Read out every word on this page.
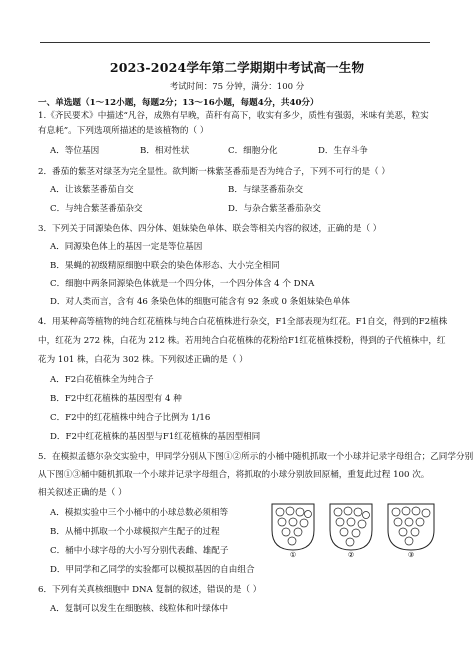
2023-2024学年第二学期期中考试高一生物
考试时间：75 分钟，满分：100 分
一、单选题（1～12小题，每题2分；13～16小题，每题4分，共40分）
1.《齐民要术》中描述“凡谷，成熟有早晚，苗秆有高下，收实有多少，质性有强弱，米味有美恶，粒实
有息耗”。下列选项所描述的是该植物的（ ）
A．等位基因	B．相对性状	C．细胞分化	D．生存斗争
2．番茄的紫茎对绿茎为完全显性。欲判断一株紫茎番茄是否为纯合子，下列不可行的是（ ）
A．让该紫茎番茄自交	B．与绿茎番茄杂交
C．与纯合紫茎番茄杂交	D．与杂合紫茎番茄杂交
3．下列关于同源染色体、四分体、姐妹染色单体、联会等相关内容的叙述，正确的是（ ）
A．同源染色体上的基因一定是等位基因
B．果蝇的初级精原细胞中联会的染色体形态、大小完全相同
C．细胞中两条同源染色体就是一个四分体，一个四分体含 4 个 DNA
D．对人类而言，含有 46 条染色体的细胞可能含有 92 条或 0 条姐妹染色单体
4．用某种高等植物的纯合红花植株与纯合白花植株进行杂交，F1全部表现为红花。F1自交，得到的F2植株
中，红花为 272 株，白花为 212 株。若用纯合白花植株的花粉给F1红花植株授粉，得到的子代植株中，红
花为 101 株，白花为 302 株。下列叙述正确的是（ ）
A．F2白花植株全为纯合子
B．F2中红花植株的基因型有 4 种
C．F2中的红花植株中纯合子比例为 1/16
D．F2中红花植株的基因型与F1红花植株的基因型相同
5．在模拟孟德尔杂交实验中，甲同学分别从下图①②所示的小桶中随机抓取一个小球并记录字母组合；乙同学分别
从下图①③桶中随机抓取一个小球并记录字母组合，将抓取的小球分别放回原桶，重复此过程 100 次。
相关叙述正确的是（ ）
A．模拟实验中三个小桶中的小球总数必须相等
B．从桶中抓取一个小球模拟产生配子的过程
C．桶中小球字母的大小写分别代表雌、雄配子
D．甲同学和乙同学的实验都可以模拟基因的自由组合
①	②	③
6．下列有关真核细胞中 DNA 复制的叙述，错误的是（ ）
A．复制可以发生在细胞核、线粒体和叶绿体中
